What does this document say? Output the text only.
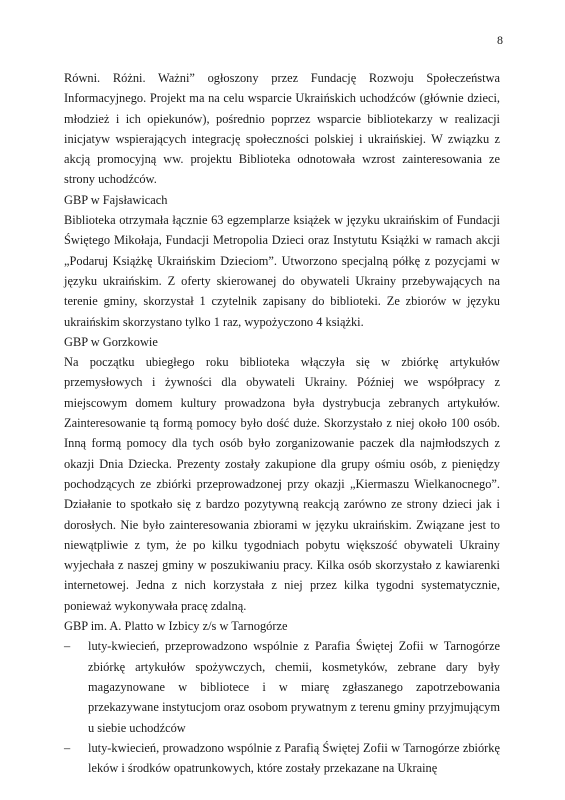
8

Równi. Różni. Ważni” ogłoszony przez Fundację Rozwoju Społeczeństwa Informacyjnego. Projekt ma na celu wsparcie Ukraińskich uchodźców (głównie dzieci, młodzież i ich opiekunów), pośrednio poprzez wsparcie bibliotekarzy w realizacji inicjatyw wspierających integrację społeczności polskiej i ukraińskiej. W związku z akcją promocyjną ww. projektu Biblioteka odnotowała wzrost zainteresowania ze strony uchodźców.

GBP w Fajsławicach

Biblioteka otrzymała łącznie 63 egzemplarze książek w języku ukraińskim of Fundacji Świętego Mikołaja, Fundacji Metropolia Dzieci oraz Instytutu Książki w ramach akcji „Podaruj Książkę Ukraińskim Dzieciom”. Utworzono specjalną półkę z pozycjami w języku ukraińskim. Z oferty skierowanej do obywateli Ukrainy przebywających na terenie gminy, skorzystał 1 czytelnik zapisany do biblioteki. Ze zbiorów w języku ukraińskim skorzystano tylko 1 raz, wypożyczono 4 książki.

GBP w Gorzkowie

Na początku ubiegłego roku biblioteka włączyła się w zbiórkę artykułów przemysłowych i żywności dla obywateli Ukrainy. Później we współpracy z miejscowym domem kultury prowadzona była dystrybucja zebranych artykułów. Zainteresowanie tą formą pomocy było dość duże. Skorzystało z niej około 100 osób. Inną formą pomocy dla tych osób było zorganizowanie paczek dla najmłodszych z okazji Dnia Dziecka. Prezenty zostały zakupione dla grupy ośmiu osób, z pieniędzy pochodzących ze zbiórki przeprowadzonej przy okazji „Kiermaszu Wielkanocnego”. Działanie to spotkało się z bardzo pozytywną reakcją zarówno ze strony dzieci jak i dorosłych. Nie było zainteresowania zbiorami w języku ukraińskim. Związane jest to niewątpliwie z tym, że po kilku tygodniach pobytu większość obywateli Ukrainy wyjechała z naszej gminy w poszukiwaniu pracy. Kilka osób skorzystało z kawiarenki internetowej. Jedna z nich korzystała z niej przez kilka tygodni systematycznie, ponieważ wykonywała pracę zdalną.

GBP im. A. Platto w Izbicy z/s w Tarnogórze

– luty-kwiecień, przeprowadzono wspólnie z Parafia Świętej Zofii w Tarnogórze zbiórkę artykułów spożywczych, chemii, kosmetyków, zebrane dary były magazynowane w bibliotece i w miarę zgłaszanego zapotrzebowania przekazywane instytucjom oraz osobom prywatnym z terenu gminy przyjmującym u siebie uchodźców
– luty-kwiecień, prowadzono wspólnie z Parafią Świętej Zofii w Tarnogórze zbiórkę leków i środków opatrunkowych, które zostały przekazane na Ukrainę
